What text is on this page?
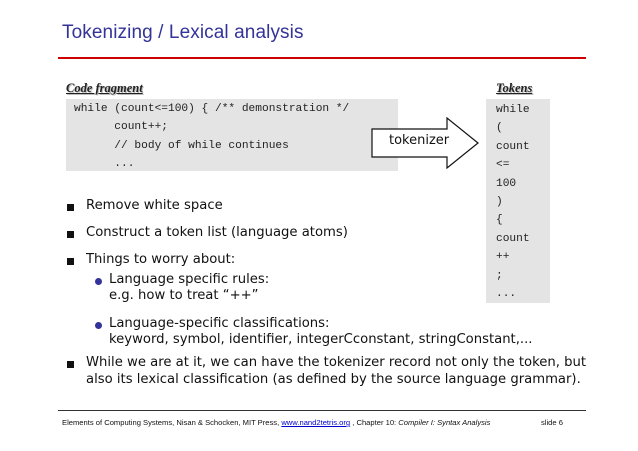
Tokenizing / Lexical analysis
Code fragment	Tokens
while (count<=100) { /** demonstration */
count++;
// body of while continues
...
tokenizer
while
(
count
<=
100
)
{
count
++
;
...
Remove white space
Construct a token list (language atoms)
Things to worry about:
Language specific rules:
e.g. how to treat “++”
Language-specific classifications:
keyword, symbol, identifier, integerCconstant, stringConstant,...
While we are at it, we can have the tokenizer record not only the token, but
also its lexical classification (as defined by the source language grammar).
Elements of Computing Systems, Nisan & Schocken, MIT Press, www.nand2tetris.org , Chapter 10: Compiler I: Syntax Analysis	slide 6
